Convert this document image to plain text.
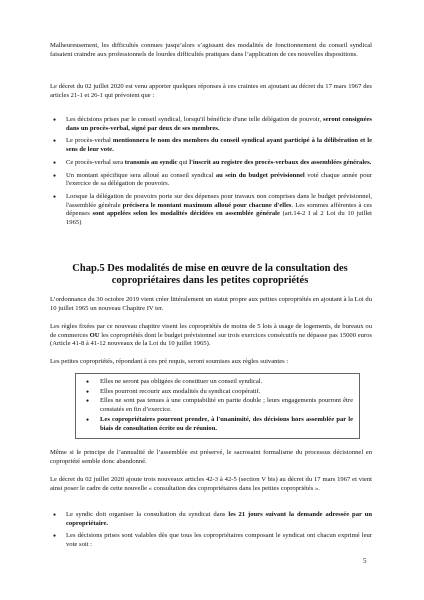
Malheureusement, les difficultés connues jusqu’alors s’agissant des modalités de fonctionnement du conseil syndical faisaient craindre aux professionnels de lourdes difficultés pratiques dans l’application de ces nouvelles dispositions.

Le décret du 02 juillet 2020 est venu apporter quelques réponses à ces craintes en ajoutant au décret du 17 mars 1967 des articles 21-1 et 26-1 qui prévoient que :

● Les décisions prises par le conseil syndical, lorsqu'il bénéficie d'une telle délégation de pouvoir, seront consignées dans un procès-verbal, signé par deux de ses membres.
● Le procès-verbal mentionnera le nom des membres du conseil syndical ayant participé à la délibération et le sens de leur vote.
● Ce procès-verbal sera transmis au syndic qui l'inscrit au registre des procès-verbaux des assemblées générales.
● Un montant spécifique sera alloué au conseil syndical au sein du budget prévisionnel voté chaque année pour l'exercice de sa délégation de pouvoirs.
● Lorsque la délégation de pouvoirs porte sur des dépenses pour travaux non comprises dans le budget prévisionnel, l'assemblée générale précisera le montant maximum alloué pour chacune d'elles. Les sommes afférentes à ces dépenses sont appelées selon les modalités décidées en assemblée générale (art.14-2 I al 2 Loi du 10 juillet 1965)
Chap.5 Des modalités de mise en œuvre de la consultation des copropriétaires dans les petites copropriétés

L’ordonnance du 30 octobre 2019 vient créer littéralement un statut propre aux petites copropriétés en ajoutant à la Loi du 10 juillet 1965 un nouveau Chapitre IV ter.

Les règles fixées par ce nouveau chapitre visent les copropriétés de moins de 5 lots à usage de logements, de bureaux ou de commerces OU les copropriétés dont le budget prévisionnel sur trois exercices consécutifs ne dépasse pas 15000 euros (Article 41-8 à 41-12 nouveaux de la Loi du 10 juillet 1965).

Les petites copropriétés, répondant à ces pré requis, seront soumises aux règles suivantes :

● Elles ne seront pas obligées de constituer un conseil syndical.
● Elles pourront recourir aux modalités du syndicat coopératif.
● Elles ne sont pas tenues à une comptabilité en partie double ; leurs engagements pourront être constatés en fin d’exercice.
● Les copropriétaires pourront prendre, à l'unanimité, des décisions hors assemblée par le biais de consultation écrite ou de réunion.

Même si le principe de l’annualité de l’assemblée est préservé, le sacrosaint formalisme du processus décisionnel en copropriété semble donc abandonné.

Le décret du 02 juillet 2020 ajoute trois nouveaux articles 42-3 à 42-5 (section V bis) au décret du 17 mars 1967 et vient ainsi poser le cadre de cette nouvelle « consultation des copropriétaires dans les petites copropriétés ».

● Le syndic doit organiser la consultation du syndicat dans les 21 jours suivant la demande adressée par un copropriétaire.
● Les décisions prises sont valables dès que tous les copropriétaires composant le syndicat ont chacun exprimé leur vote soit :
5
